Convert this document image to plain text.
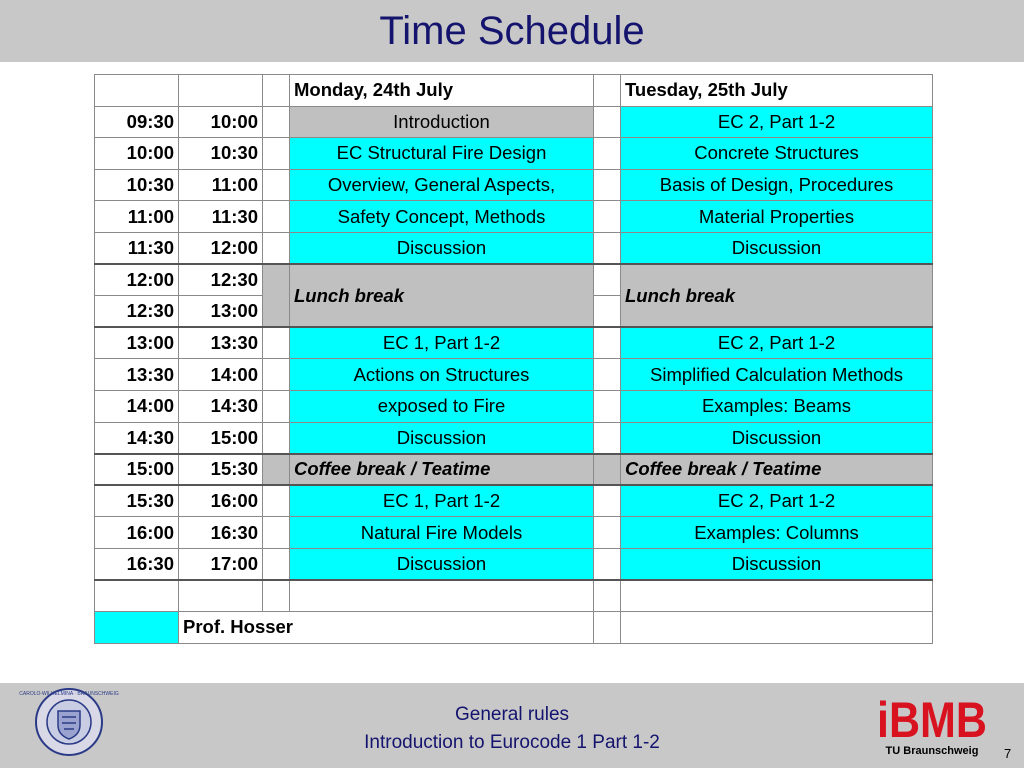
Time Schedule
			Monday, 24th July		Tuesday, 25th July
09:30	10:00		Introduction		EC 2, Part 1-2
10:00	10:30		EC Structural Fire Design		Concrete Structures
10:30	11:00		Overview, General Aspects,		Basis of Design, Procedures
11:00	11:30		Safety Concept, Methods		Material Properties
11:30	12:00		Discussion		Discussion
12:00	12:30		Lunch break		Lunch break
12:30	13:00				
13:00	13:30		EC 1, Part 1-2		EC 2, Part 1-2
13:30	14:00		Actions on Structures		Simplified Calculation Methods
14:00	14:30		exposed to Fire		Examples: Beams
14:30	15:00		Discussion		Discussion
15:00	15:30		Coffee break / Teatime		Coffee break / Teatime
15:30	16:00		EC 1, Part 1-2		EC 2, Part 1-2
16:00	16:30		Natural Fire Models		Examples: Columns
16:30	17:00		Discussion		Discussion

	Prof. Hosser				
CAROLO-WILHELMINA · BRAUNSCHWEIG
General rules
Introduction to Eurocode 1 Part 1-2	iBMB
TU Braunschweig	7
